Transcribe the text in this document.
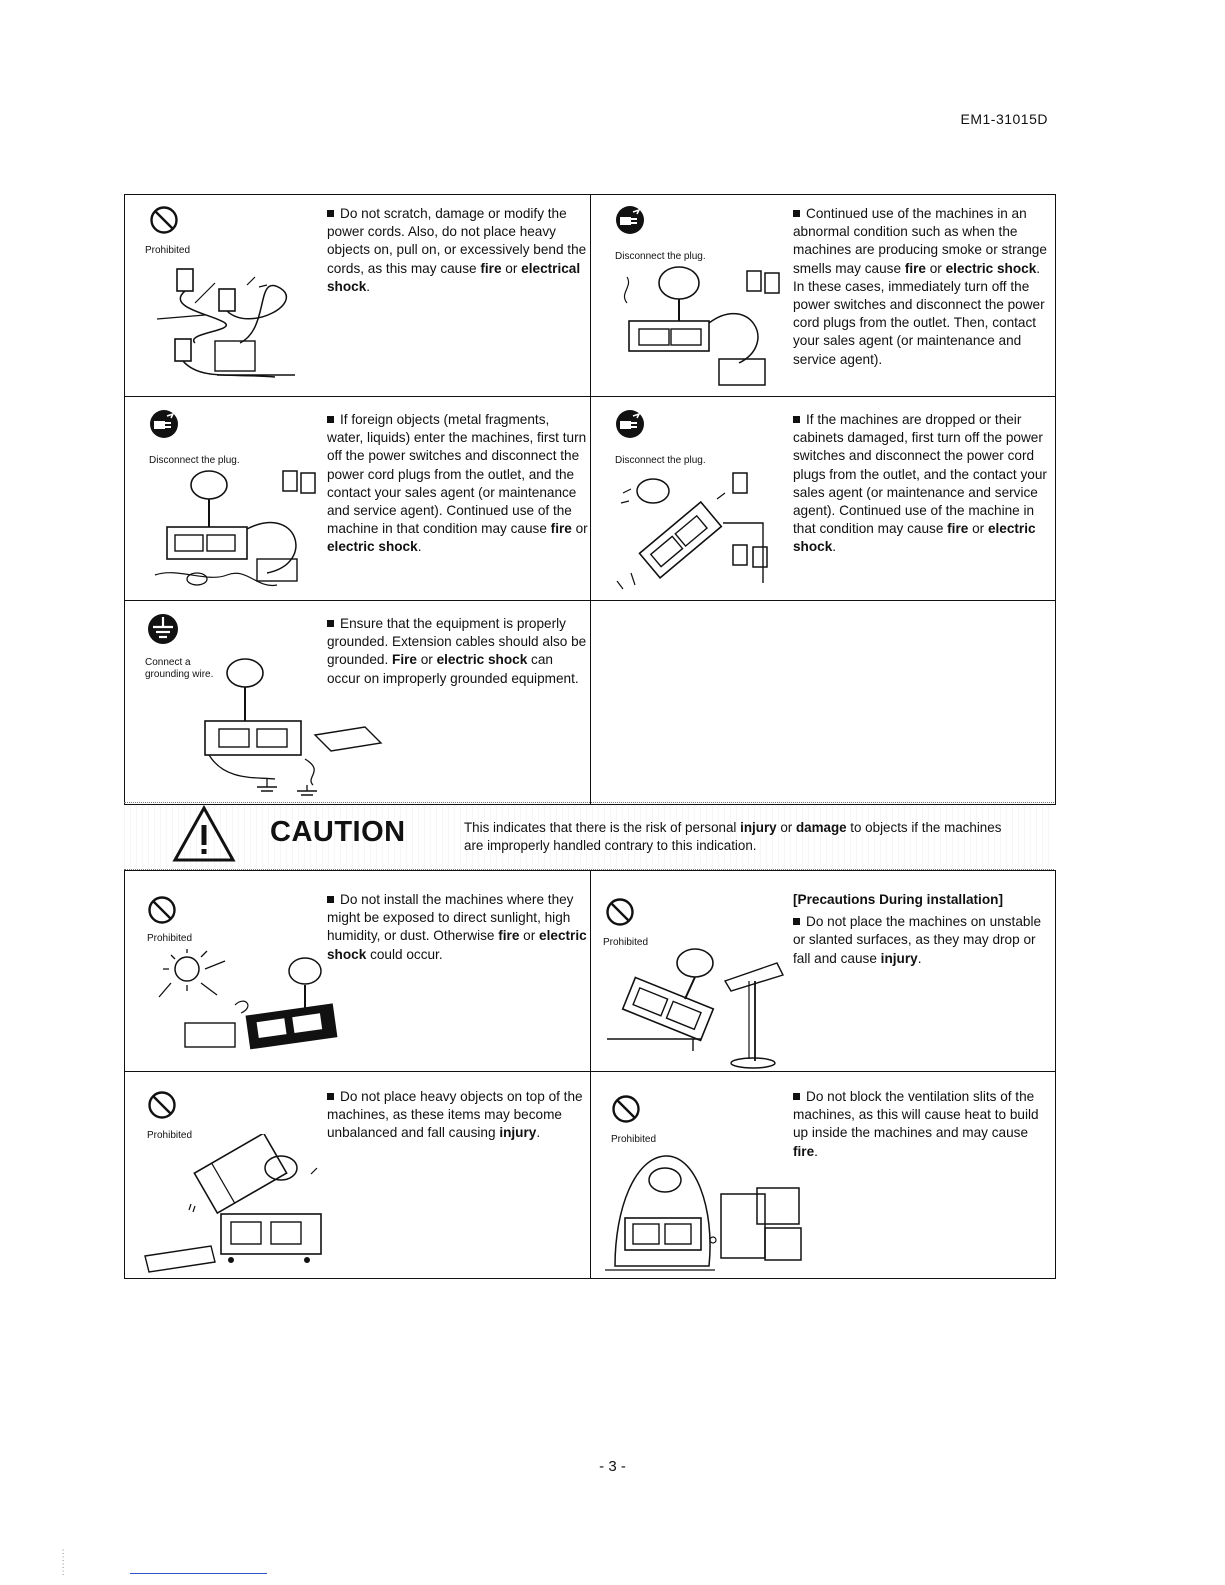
EM1-31015D
Prohibited
Do not scratch, damage or modify the power cords. Also, do not place heavy objects on, pull on, or excessively bend the cords, as this may cause fire or electrical shock.
Disconnect the plug.
Continued use of the machines in an abnormal condition such as when the machines are producing smoke or strange smells may cause fire or electric shock. In these cases, immediately turn off the power switches and disconnect the power cord plugs from the outlet. Then, contact your sales agent (or maintenance and service agent).
Disconnect the plug.
If foreign objects (metal fragments, water, liquids) enter the machines, first turn off the power switches and disconnect the power cord plugs from the outlet, and the contact your sales agent (or maintenance and service agent). Continued use of the machine in that condition may cause fire or electric shock.
Disconnect the plug.
If the machines are dropped or their cabinets damaged, first turn off the power switches and disconnect the power cord plugs from the outlet, and the contact your sales agent (or maintenance and service agent). Continued use of the machine in that condition may cause fire or electric shock.
Connect a
grounding wire.
Ensure that the equipment is properly grounded. Extension cables should also be grounded. Fire or electric shock can occur on improperly grounded equipment.
CAUTION	This indicates that there is the risk of personal injury or damage to objects if the machines are improperly handled contrary to this indication.
Prohibited
Do not install the machines where they might be exposed to direct sunlight, high humidity, or dust. Otherwise fire or electric shock could occur.
Prohibited
[Precautions During installation]
Do not place the machines on unstable or slanted surfaces, as they may drop or fall and cause injury.
Prohibited
Do not place heavy objects on top of the machines, as these items may become unbalanced and fall causing injury.	Prohibited
Do not block the ventilation slits of the machines, as this will cause heat to build up inside the machines and may cause fire.
- 3 -
:
:
:
:
